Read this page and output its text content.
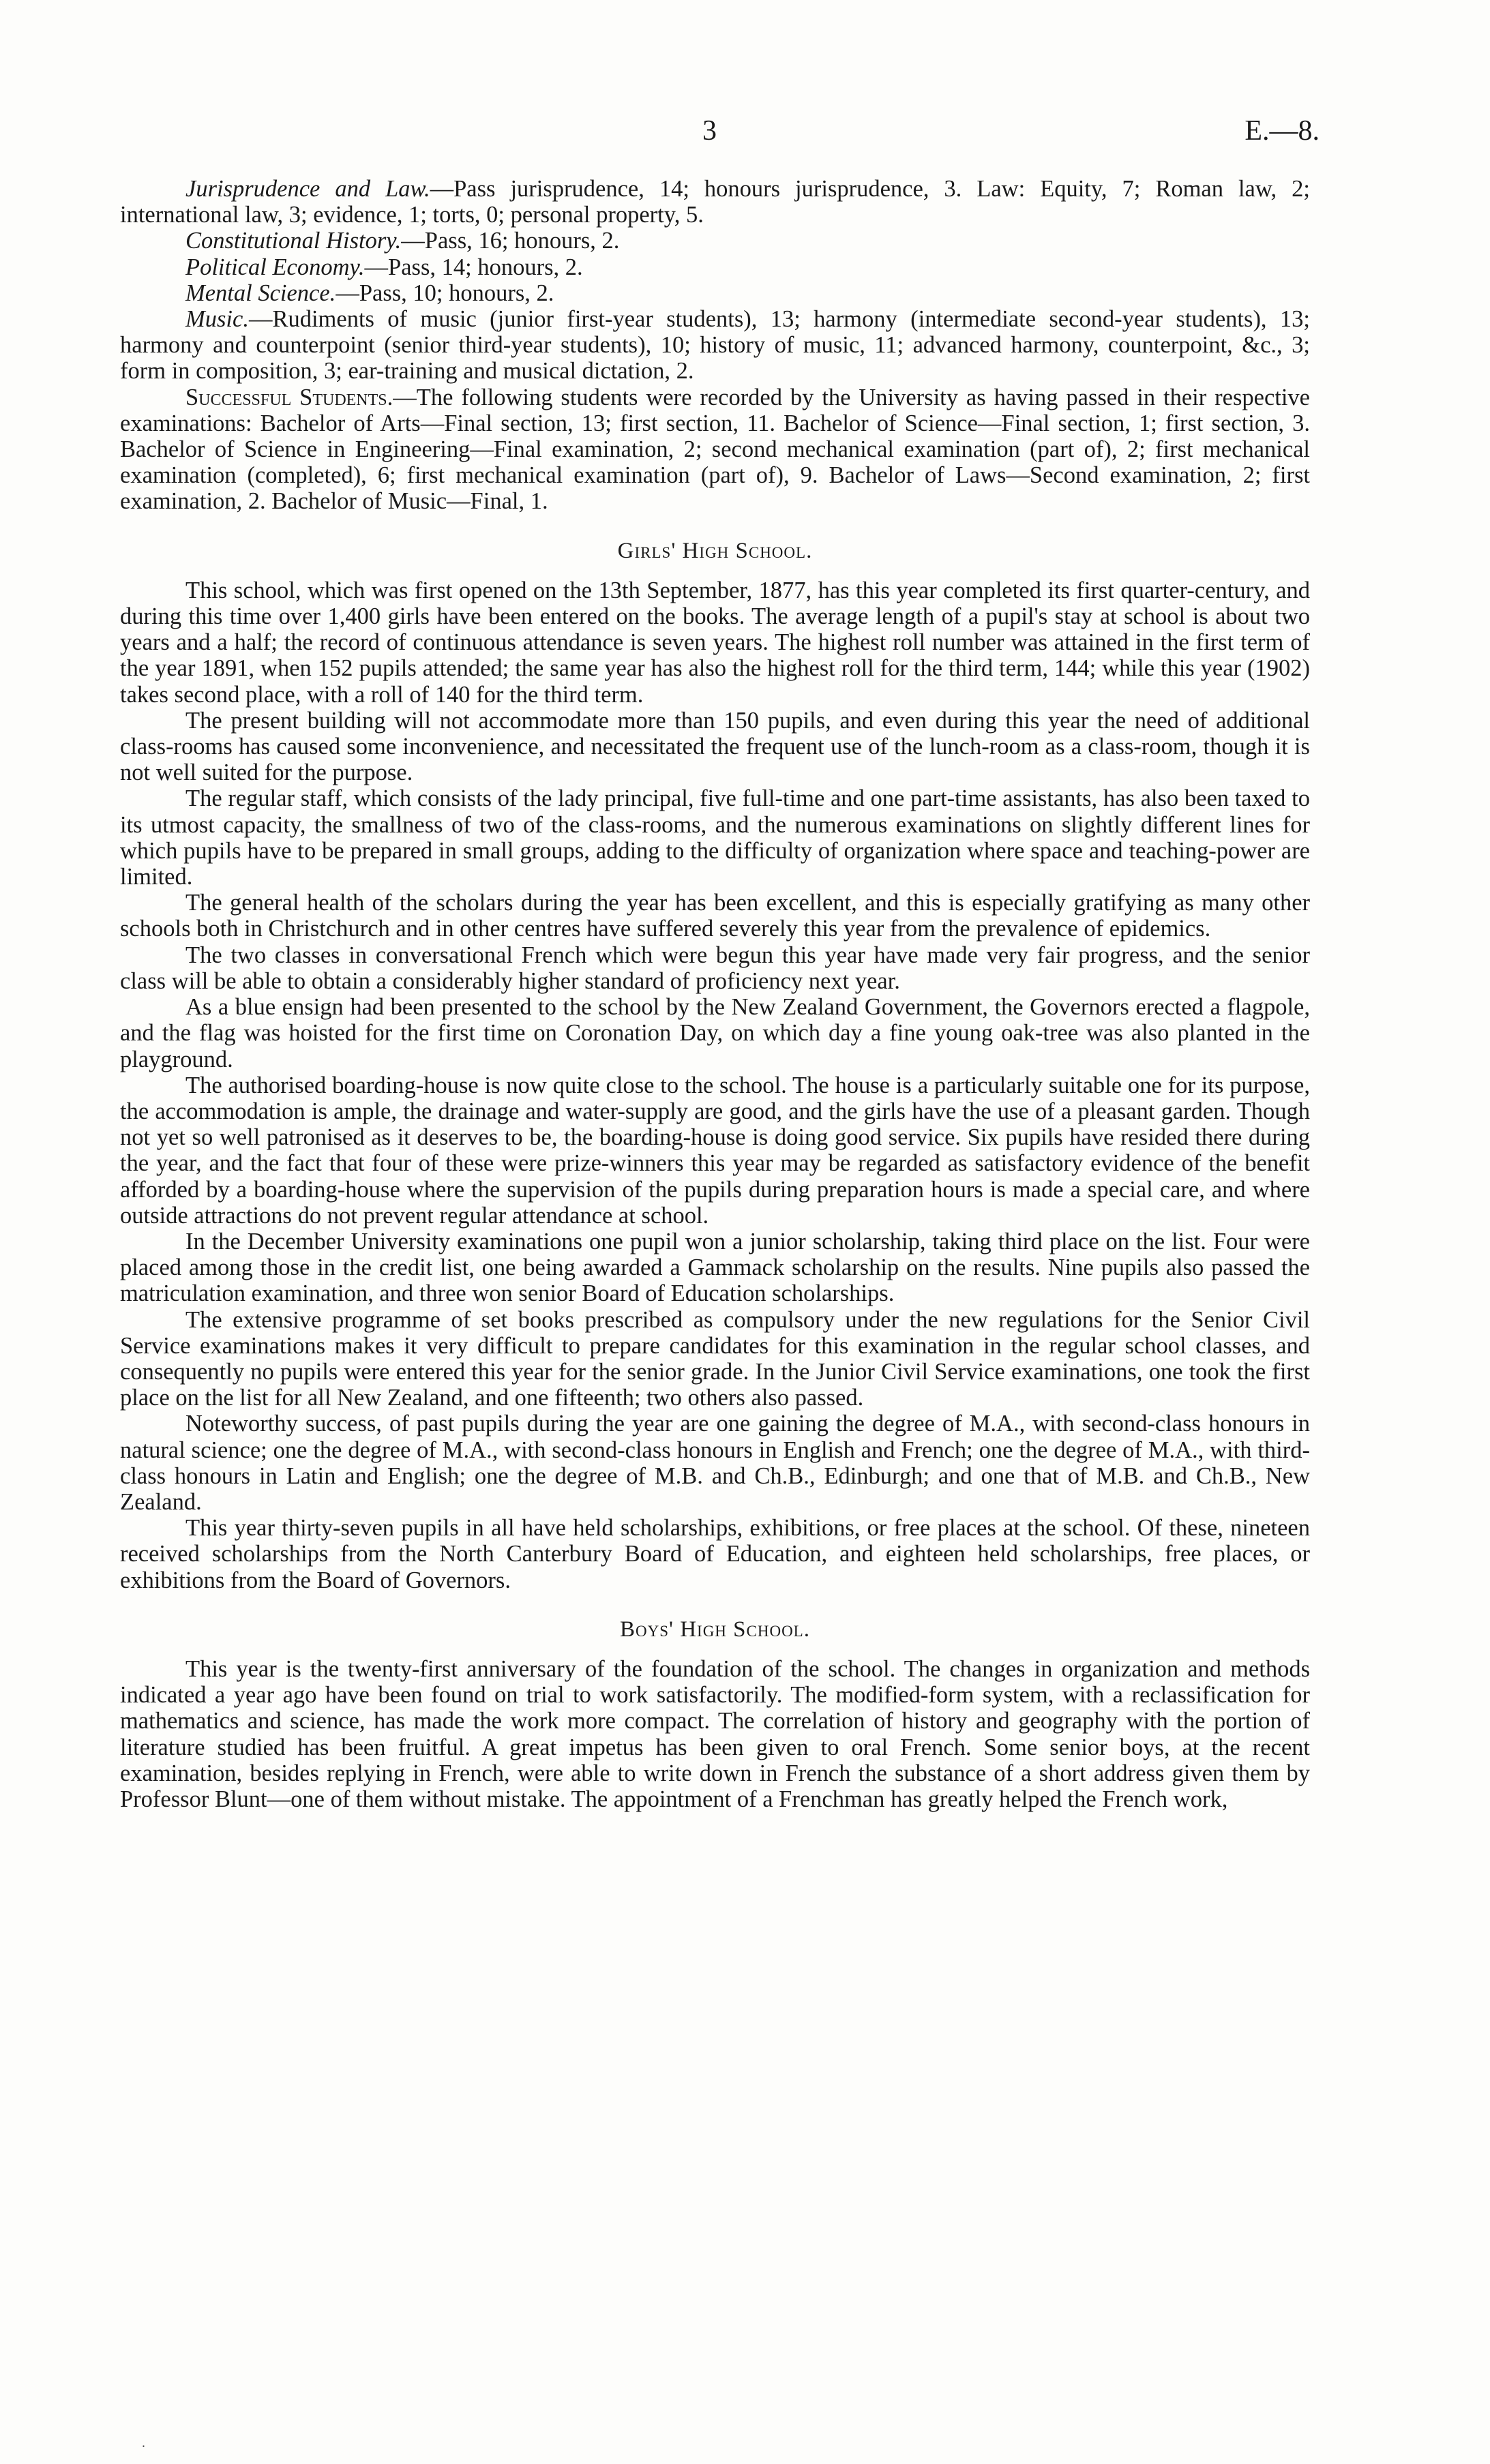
3	E.—8.

Jurisprudence and Law.—Pass jurisprudence, 14; honours jurisprudence, 3. Law: Equity, 7; Roman law, 2; international law, 3; evidence, 1; torts, 0; personal property, 5.

Constitutional History.—Pass, 16; honours, 2.

Political Economy.—Pass, 14; honours, 2.

Mental Science.—Pass, 10; honours, 2.

Music.—Rudiments of music (junior first-year students), 13; harmony (intermediate second-year students), 13; harmony and counterpoint (senior third-year students), 10; history of music, 11; advanced harmony, counterpoint, &c., 3; form in composition, 3; ear-training and musical dictation, 2.

Successful Students.—The following students were recorded by the University as having passed in their respective examinations: Bachelor of Arts—Final section, 13; first section, 11. Bachelor of Science—Final section, 1; first section, 3. Bachelor of Science in Engineering—Final examination, 2; second mechanical examination (part of), 2; first mechanical examination (completed), 6; first mechanical examination (part of), 9. Bachelor of Laws—Second examination, 2; first examination, 2. Bachelor of Music—Final, 1.

Girls' High School.

This school, which was first opened on the 13th September, 1877, has this year completed its first quarter-century, and during this time over 1,400 girls have been entered on the books. The average length of a pupil's stay at school is about two years and a half; the record of continuous attendance is seven years. The highest roll number was attained in the first term of the year 1891, when 152 pupils attended; the same year has also the highest roll for the third term, 144; while this year (1902) takes second place, with a roll of 140 for the third term.

The present building will not accommodate more than 150 pupils, and even during this year the need of additional class-rooms has caused some inconvenience, and necessitated the frequent use of the lunch-room as a class-room, though it is not well suited for the purpose.

The regular staff, which consists of the lady principal, five full-time and one part-time assistants, has also been taxed to its utmost capacity, the smallness of two of the class-rooms, and the numerous examinations on slightly different lines for which pupils have to be prepared in small groups, adding to the difficulty of organization where space and teaching-power are limited.

The general health of the scholars during the year has been excellent, and this is especially gratifying as many other schools both in Christchurch and in other centres have suffered severely this year from the prevalence of epidemics.

The two classes in conversational French which were begun this year have made very fair progress, and the senior class will be able to obtain a considerably higher standard of proficiency next year.

As a blue ensign had been presented to the school by the New Zealand Government, the Governors erected a flagpole, and the flag was hoisted for the first time on Coronation Day, on which day a fine young oak-tree was also planted in the playground.

The authorised boarding-house is now quite close to the school. The house is a particularly suitable one for its purpose, the accommodation is ample, the drainage and water-supply are good, and the girls have the use of a pleasant garden. Though not yet so well patronised as it deserves to be, the boarding-house is doing good service. Six pupils have resided there during the year, and the fact that four of these were prize-winners this year may be regarded as satisfactory evidence of the benefit afforded by a boarding-house where the supervision of the pupils during preparation hours is made a special care, and where outside attractions do not prevent regular attendance at school.

In the December University examinations one pupil won a junior scholarship, taking third place on the list. Four were placed among those in the credit list, one being awarded a Gammack scholarship on the results. Nine pupils also passed the matriculation examination, and three won senior Board of Education scholarships.

The extensive programme of set books prescribed as compulsory under the new regulations for the Senior Civil Service examinations makes it very difficult to prepare candidates for this examination in the regular school classes, and consequently no pupils were entered this year for the senior grade. In the Junior Civil Service examinations, one took the first place on the list for all New Zealand, and one fifteenth; two others also passed.

Noteworthy success, of past pupils during the year are one gaining the degree of M.A., with second-class honours in natural science; one the degree of M.A., with second-class honours in English and French; one the degree of M.A., with third-class honours in Latin and English; one the degree of M.B. and Ch.B., Edinburgh; and one that of M.B. and Ch.B., New Zealand.

This year thirty-seven pupils in all have held scholarships, exhibitions, or free places at the school. Of these, nineteen received scholarships from the North Canterbury Board of Education, and eighteen held scholarships, free places, or exhibitions from the Board of Governors.

Boys' High School.

This year is the twenty-first anniversary of the foundation of the school. The changes in organization and methods indicated a year ago have been found on trial to work satisfactorily. The modified-form system, with a reclassification for mathematics and science, has made the work more compact. The correlation of history and geography with the portion of literature studied has been fruitful. A great impetus has been given to oral French. Some senior boys, at the recent examination, besides replying in French, were able to write down in French the substance of a short address given them by Professor Blunt—one of them without mistake. The appointment of a Frenchman has greatly helped the French work,

.
